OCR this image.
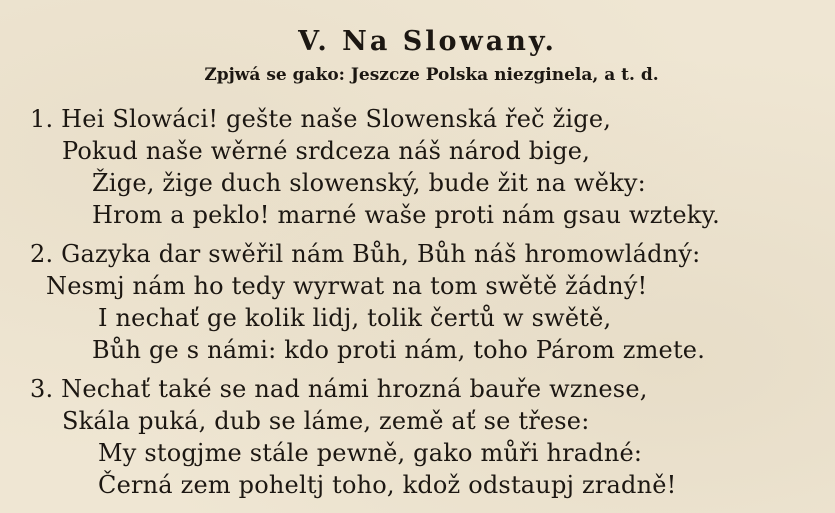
V. Na Slowany.
Zpjwá se gako: Jeszcze Polska niezginela, a t. d.
1. Hei Slowáci! gešte naše Slowenská řeč žige,
Pokud naše wěrné srdceza náš národ bige,
Žige, žige duch slowenský, bude žit na wěky:
Hrom a peklo! marné waše proti nám gsau wzteky.
2. Gazyka dar swěřil nám Bůh, Bůh náš hromowládný:
Nesmj nám ho tedy wyrwat na tom swětě žádný!
I nechať ge kolik lidj, tolik čertů w swětě,
Bůh ge s námi: kdo proti nám, toho Párom zmete.
3. Nechať také se nad námi hrozná bauře wznese,
Skála puká, dub se láme, země ať se třese:
My stogjme stále pewně, gako můři hradné:
Černá zem poheltj toho, kdož odstaupj zradně!
